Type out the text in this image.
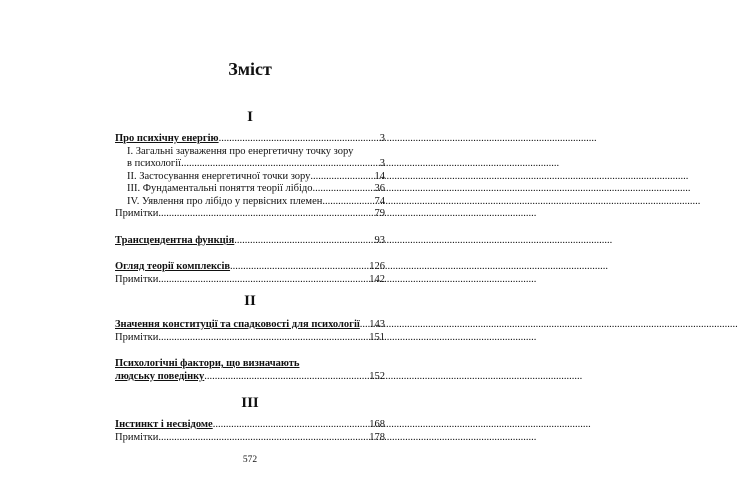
Зміст
I
Про психічну енергію .....	3
I. Загальні зауваження про енергетичну точку зору
в психології .....	3
II. Застосування енергетичної точки зору .....	14
III. Фундаментальні поняття теорії лібідо .....	36
IV. Уявлення про лібідо у первісних племен .....	74
Примітки .....	79
Трансцендентна функція .....	93
Огляд теорії комплексів .....	126
Примітки .....	142
II
Значення конституції та спадковості для психології ..... 143
Примітки .....	151
Психологічні фактори, що визначають
людську поведінку .....	152
III
Інстинкт і несвідоме .....	168
Примітки .....	178
572
